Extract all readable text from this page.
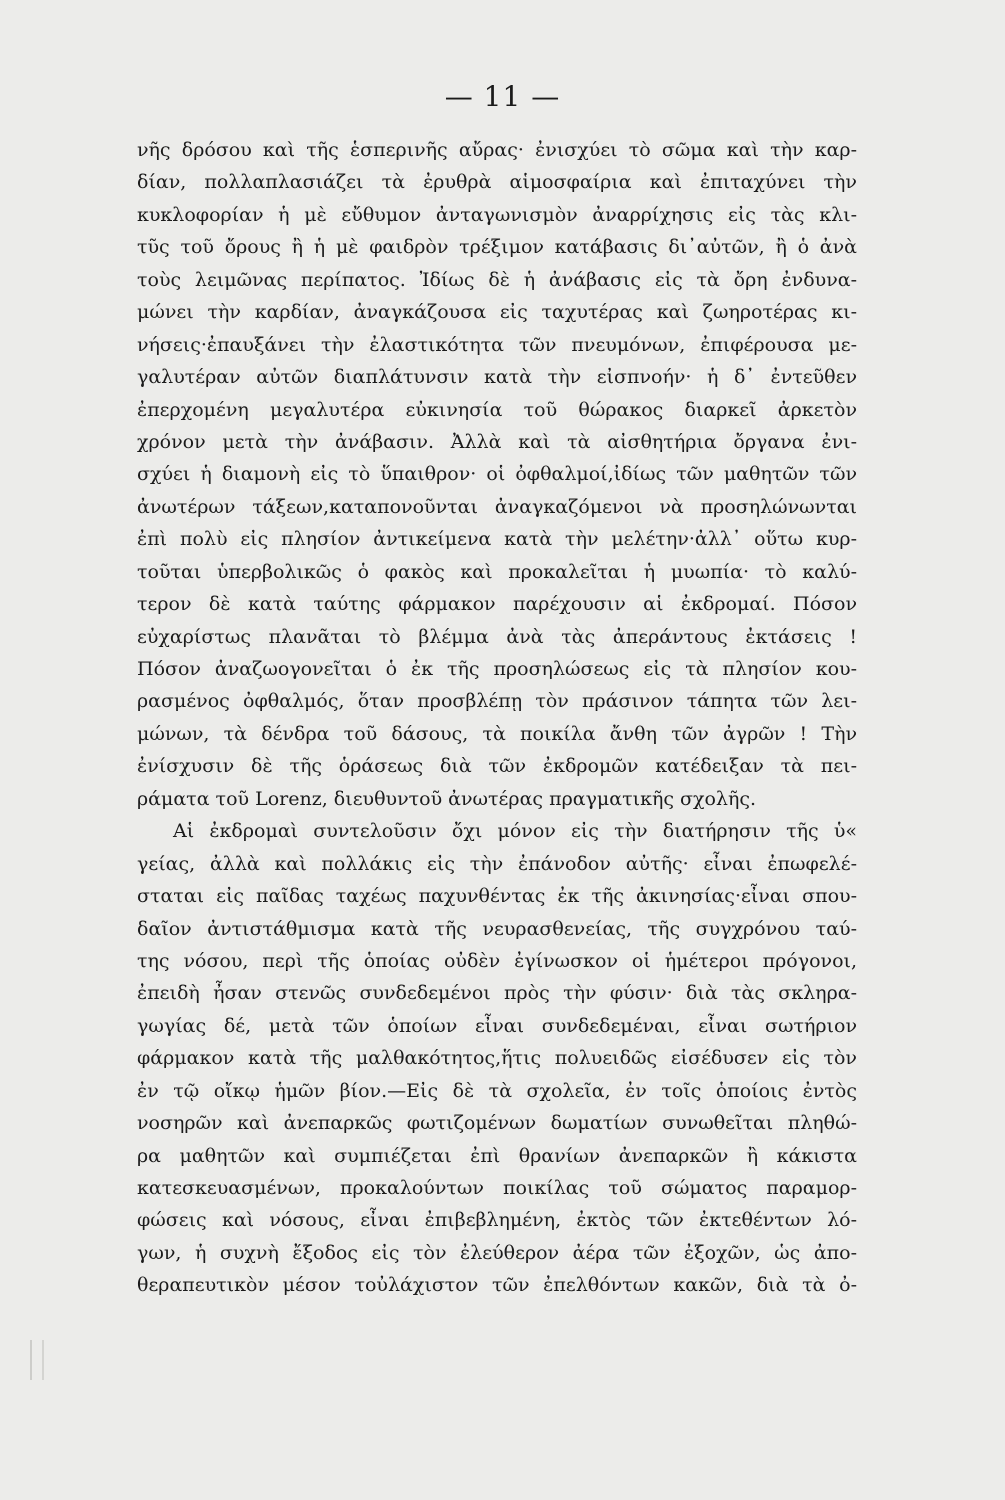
— 11 —
νῆς δρόσου καὶ τῆς ἑσπερινῆς αὔρας· ἐνισχύει τὸ σῶμα καὶ τὴν καρ-
δίαν, πολλαπλασιάζει τὰ ἐρυθρὰ αἱμοσφαίρια καὶ ἐπιταχύνει τὴν
κυκλοφορίαν ἡ μὲ εὔθυμον ἀνταγωνισμὸν ἀναρρίχησις εἰς τὰς κλι-
τῦς τοῦ ὄρους ἢ ἡ μὲ φαιδρὸν τρέξιμον κατάβασις δι᾿αὐτῶν, ἢ ὁ ἀνὰ
τοὺς λειμῶνας περίπατος. Ἰδίως δὲ ἡ ἀνάβασις εἰς τὰ ὄρη ἐνδυνα-
μώνει τὴν καρδίαν, ἀναγκάζουσα εἰς ταχυτέρας καὶ ζωηροτέρας κι-
νήσεις·ἐπαυξάνει τὴν ἐλαστικότητα τῶν πνευμόνων, ἐπιφέρουσα με-
γαλυτέραν αὐτῶν διαπλάτυνσιν κατὰ τὴν εἰσπνοήν· ἡ δ᾿ ἐντεῦθεν
ἐπερχομένη μεγαλυτέρα εὐκινησία τοῦ θώρακος διαρκεῖ ἀρκετὸν
χρόνον μετὰ τὴν ἀνάβασιν. Ἀλλὰ καὶ τὰ αἰσθητήρια ὄργανα ἐνι-
σχύει ἡ διαμονὴ εἰς τὸ ὕπαιθρον· οἱ ὀφθαλμοί,ἰδίως τῶν μαθητῶν τῶν
ἀνωτέρων τάξεων,καταπονοῦνται ἀναγκαζόμενοι νὰ προσηλώνωνται
ἐπὶ πολὺ εἰς πλησίον ἀντικείμενα κατὰ τὴν μελέτην·ἀλλ᾿ οὕτω κυρ-
τοῦται ὑπερβολικῶς ὁ φακὸς καὶ προκαλεῖται ἡ μυωπία· τὸ καλύ-
τερον δὲ κατὰ ταύτης φάρμακον παρέχουσιν αἱ ἐκδρομαί. Πόσον
εὐχαρίστως πλανᾶται τὸ βλέμμα ἀνὰ τὰς ἀπεράντους ἐκτάσεις !
Πόσον ἀναζωογονεῖται ὁ ἐκ τῆς προσηλώσεως εἰς τὰ πλησίον κου-
ρασμένος ὀφθαλμός, ὅταν προσβλέπῃ τὸν πράσινον τάπητα τῶν λει-
μώνων, τὰ δένδρα τοῦ δάσους, τὰ ποικίλα ἄνθη τῶν ἀγρῶν ! Τὴν
ἐνίσχυσιν δὲ τῆς ὁράσεως διὰ τῶν ἐκδρομῶν κατέδειξαν τὰ πει-
ράματα τοῦ Lorenz, διευθυντοῦ ἀνωτέρας πραγματικῆς σχολῆς.
Αἱ ἐκδρομαὶ συντελοῦσιν ὄχι μόνον εἰς τὴν διατήρησιν τῆς ὑ«
γείας, ἀλλὰ καὶ πολλάκις εἰς τὴν ἐπάνοδον αὐτῆς· εἶναι ἐπωφελέ-
σταται εἰς παῖδας ταχέως παχυνθέντας ἐκ τῆς ἀκινησίας·εἶναι σπου-
δαῖον ἀντιστάθμισμα κατὰ τῆς νευρασθενείας, τῆς συγχρόνου ταύ-
της νόσου, περὶ τῆς ὁποίας οὐδὲν ἐγίνωσκον οἱ ἡμέτεροι πρόγονοι,
ἐπειδὴ ἦσαν στενῶς συνδεδεμένοι πρὸς τὴν φύσιν· διὰ τὰς σκληρα-
γωγίας δέ, μετὰ τῶν ὁποίων εἶναι συνδεδεμέναι, εἶναι σωτήριον
φάρμακον κατὰ τῆς μαλθακότητος,ἥτις πολυειδῶς εἰσέδυσεν εἰς τὸν
ἐν τῷ οἴκῳ ἡμῶν βίον.—Εἰς δὲ τὰ σχολεῖα, ἐν τοῖς ὁποίοις ἐντὸς
νοσηρῶν καὶ ἀνεπαρκῶς φωτιζομένων δωματίων συνωθεῖται πληθώ-
ρα μαθητῶν καὶ συμπιέζεται ἐπὶ θρανίων ἀνεπαρκῶν ἢ κάκιστα
κατεσκευασμένων, προκαλούντων ποικίλας τοῦ σώματος παραμορ-
φώσεις καὶ νόσους, εἶναι ἐπιβεβλημένη, ἐκτὸς τῶν ἐκτεθέντων λό-
γων, ἡ συχνὴ ἔξοδος εἰς τὸν ἐλεύθερον ἀέρα τῶν ἐξοχῶν, ὡς ἀπο-
θεραπευτικὸν μέσον τοὐλάχιστον τῶν ἐπελθόντων κακῶν, διὰ τὰ ὀ-
